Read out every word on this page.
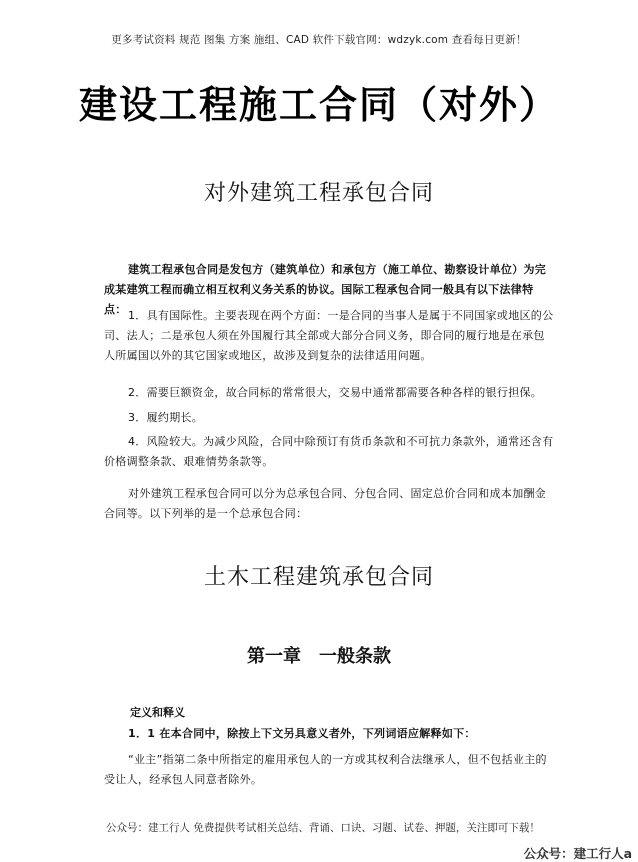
更多考试资料 规范 图集 方案 施组、CAD 软件下载官网：wdzyk.com 查看每日更新！
建设工程施工合同（对外）
对外建筑工程承包合同
建筑工程承包合同是发包方（建筑单位）和承包方（施工单位、勘察设计单位）为完成某建筑工程而确立相互权利义务关系的协议。国际工程承包合同一般具有以下法律特点： 1．具有国际性。主要表现在两个方面：一是合同的当事人是属于不同国家或地区的公司、法人；二是承包人须在外国履行其全部或大部分合同义务，即合同的履行地是在承包人所属国以外的其它国家或地区，故涉及到复杂的法律适用问题。
2．需要巨额资金，故合同标的常常很大，交易中通常都需要各种各样的银行担保。
3．履约期长。
4．风险较大。为减少风险，合同中除预订有货币条款和不可抗力条款外，通常还含有价格调整条款、艰难情势条款等。
对外建筑工程承包合同可以分为总承包合同、分包合同、固定总价合同和成本加酬金合同等。以下列举的是一个总承包合同：
土木工程建筑承包合同
第一章　一般条款
定义和释义
1．1 在本合同中，除按上下文另具意义者外，下列词语应解释如下：
“业主”指第二条中所指定的雇用承包人的一方或其权利合法继承人，但不包括业主的受让人，经承包人同意者除外。
公众号：建工行人 免费提供考试相关总结、背诵、口诀、习题、试卷、押题，关注即可下载！
公众号：建工行人a
